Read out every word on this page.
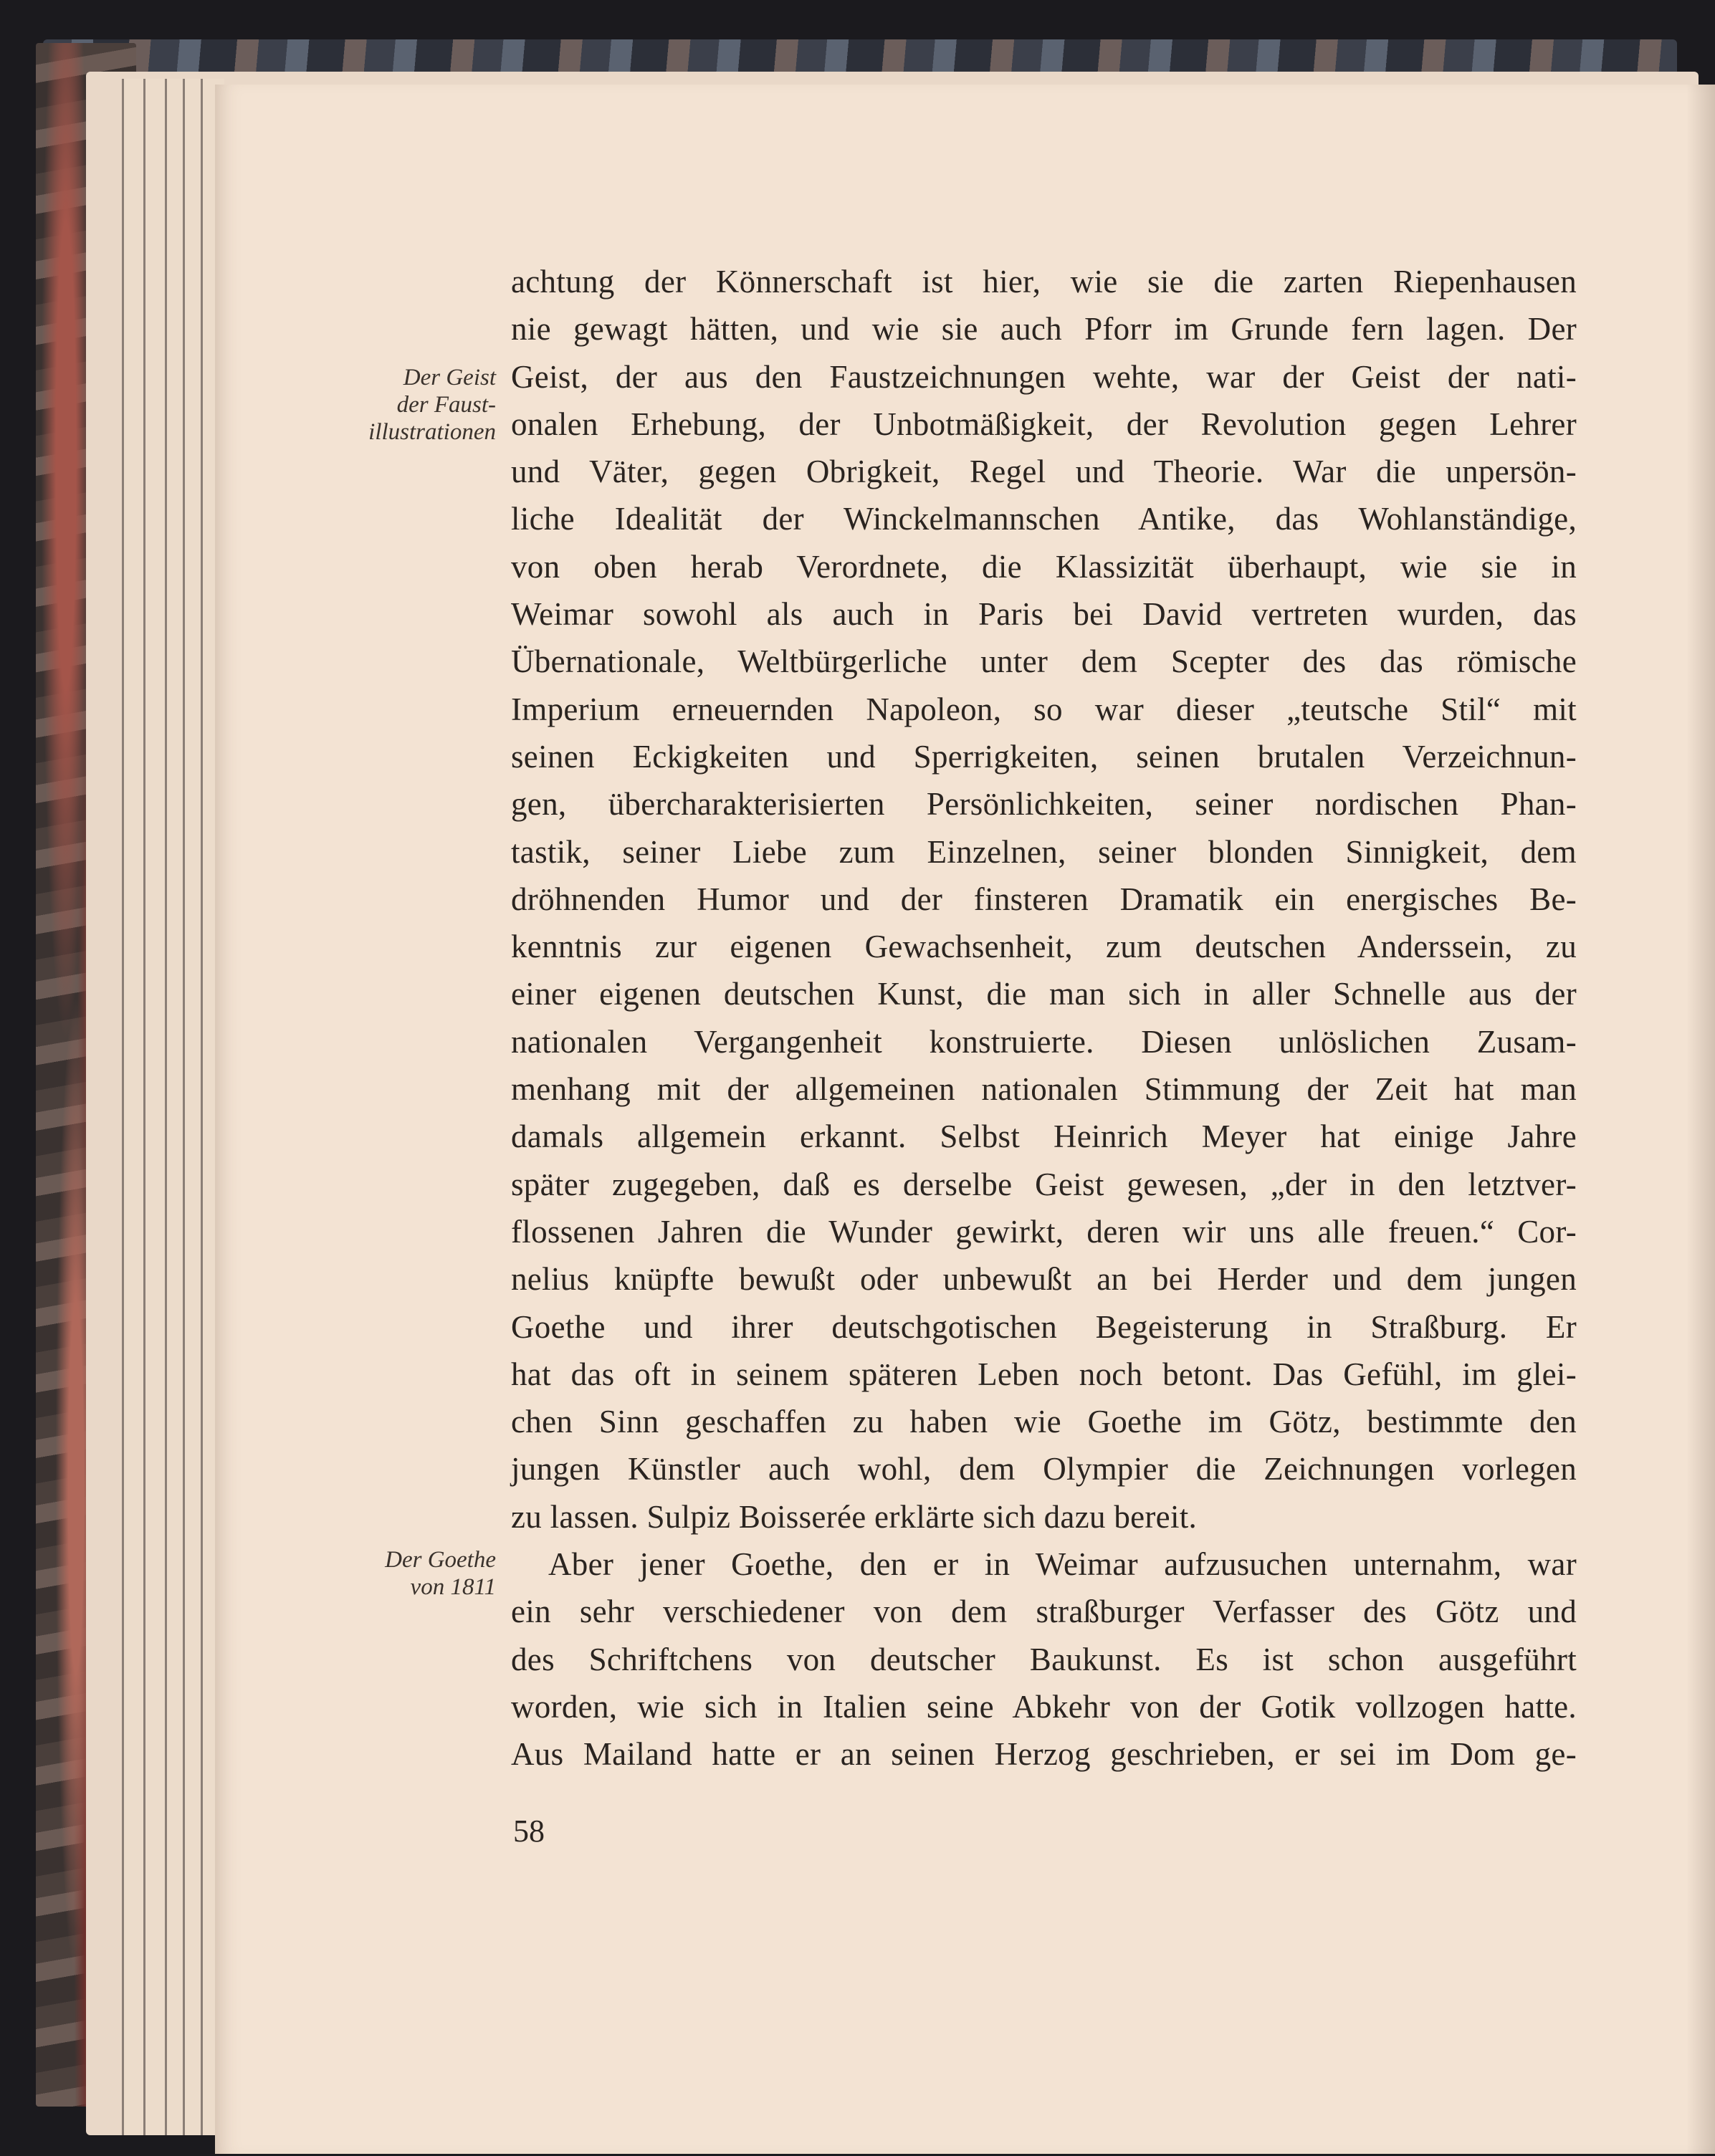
Der Geist
der Faust-
illustrationen
Der Goethe
von 1811
achtung der Könnerschaft ist hier, wie sie die zarten Riepenhausen
nie gewagt hätten, und wie sie auch Pforr im Grunde fern lagen. Der
Geist, der aus den Faustzeichnungen wehte, war der Geist der nati-
onalen Erhebung, der Unbotmäßigkeit, der Revolution gegen Lehrer
und Väter, gegen Obrigkeit, Regel und Theorie. War die unpersön-
liche Idealität der Winckelmannschen Antike, das Wohlanständige,
von oben herab Verordnete, die Klassizität überhaupt, wie sie in
Weimar sowohl als auch in Paris bei David vertreten wurden, das
Übernationale, Weltbürgerliche unter dem Scepter des das römische
Imperium erneuernden Napoleon, so war dieser „teutsche Stil“ mit
seinen Eckigkeiten und Sperrigkeiten, seinen brutalen Verzeichnun-
gen, übercharakterisierten Persönlichkeiten, seiner nordischen Phan-
tastik, seiner Liebe zum Einzelnen, seiner blonden Sinnigkeit, dem
dröhnenden Humor und der finsteren Dramatik ein energisches Be-
kenntnis zur eigenen Gewachsenheit, zum deutschen Anderssein, zu
einer eigenen deutschen Kunst, die man sich in aller Schnelle aus der
nationalen Vergangenheit konstruierte. Diesen unlöslichen Zusam-
menhang mit der allgemeinen nationalen Stimmung der Zeit hat man
damals allgemein erkannt. Selbst Heinrich Meyer hat einige Jahre
später zugegeben, daß es derselbe Geist gewesen, „der in den letztver-
flossenen Jahren die Wunder gewirkt, deren wir uns alle freuen.“ Cor-
nelius knüpfte bewußt oder unbewußt an bei Herder und dem jungen
Goethe und ihrer deutschgotischen Begeisterung in Straßburg. Er
hat das oft in seinem späteren Leben noch betont. Das Gefühl, im glei-
chen Sinn geschaffen zu haben wie Goethe im Götz, bestimmte den
jungen Künstler auch wohl, dem Olympier die Zeichnungen vorlegen
zu lassen. Sulpiz Boisserée erklärte sich dazu bereit.
Aber jener Goethe, den er in Weimar aufzusuchen unternahm, war
ein sehr verschiedener von dem straßburger Verfasser des Götz und
des Schriftchens von deutscher Baukunst. Es ist schon ausgeführt
worden, wie sich in Italien seine Abkehr von der Gotik vollzogen hatte.
Aus Mailand hatte er an seinen Herzog geschrieben, er sei im Dom ge-
58
